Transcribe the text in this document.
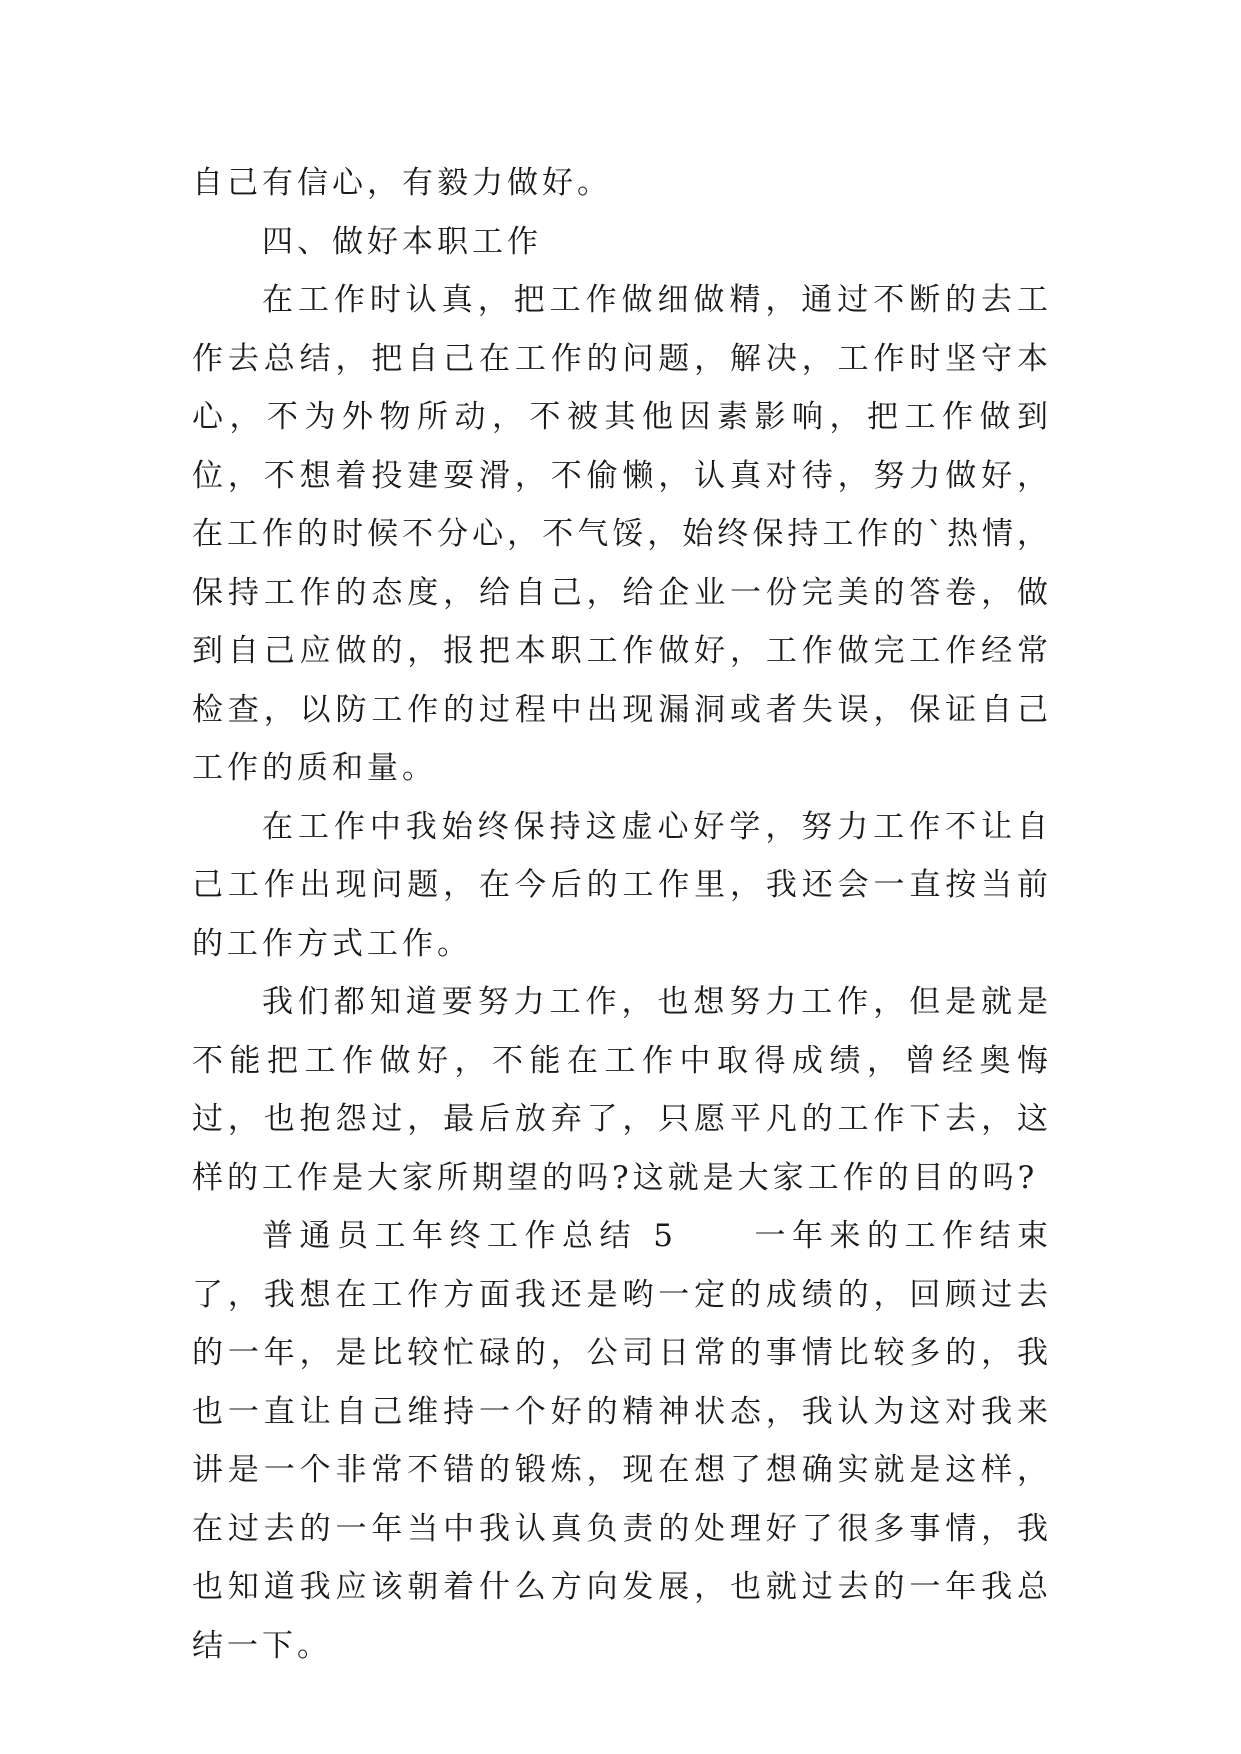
自己有信心，有毅力做好。

四、做好本职工作

在工作时认真，把工作做细做精，通过不断的去工作去总结，把自己在工作的问题，解决，工作时坚守本心，不为外物所动，不被其他因素影响，把工作做到位，不想着投建耍滑，不偷懒，认真对待，努力做好，在工作的时候不分心，不气馁，始终保持工作的`热情，保持工作的态度，给自己，给企业一份完美的答卷，做到自己应做的，报把本职工作做好，工作做完工作经常检查，以防工作的过程中出现漏洞或者失误，保证自己工作的质和量。

在工作中我始终保持这虚心好学，努力工作不让自己工作出现问题，在今后的工作里，我还会一直按当前的工作方式工作。

我们都知道要努力工作，也想努力工作，但是就是不能把工作做好，不能在工作中取得成绩，曾经奥悔过，也抱怨过，最后放弃了，只愿平凡的工作下去，这样的工作是大家所期望的吗?这就是大家工作的目的吗?

普通员工年终工作总结 5　　一年来的工作结束了，我想在工作方面我还是哟一定的成绩的，回顾过去的一年，是比较忙碌的，公司日常的事情比较多的，我也一直让自己维持一个好的精神状态，我认为这对我来讲是一个非常不错的锻炼，现在想了想确实就是这样，在过去的一年当中我认真负责的处理好了很多事情，我也知道我应该朝着什么方向发展，也就过去的一年我总结一下。
